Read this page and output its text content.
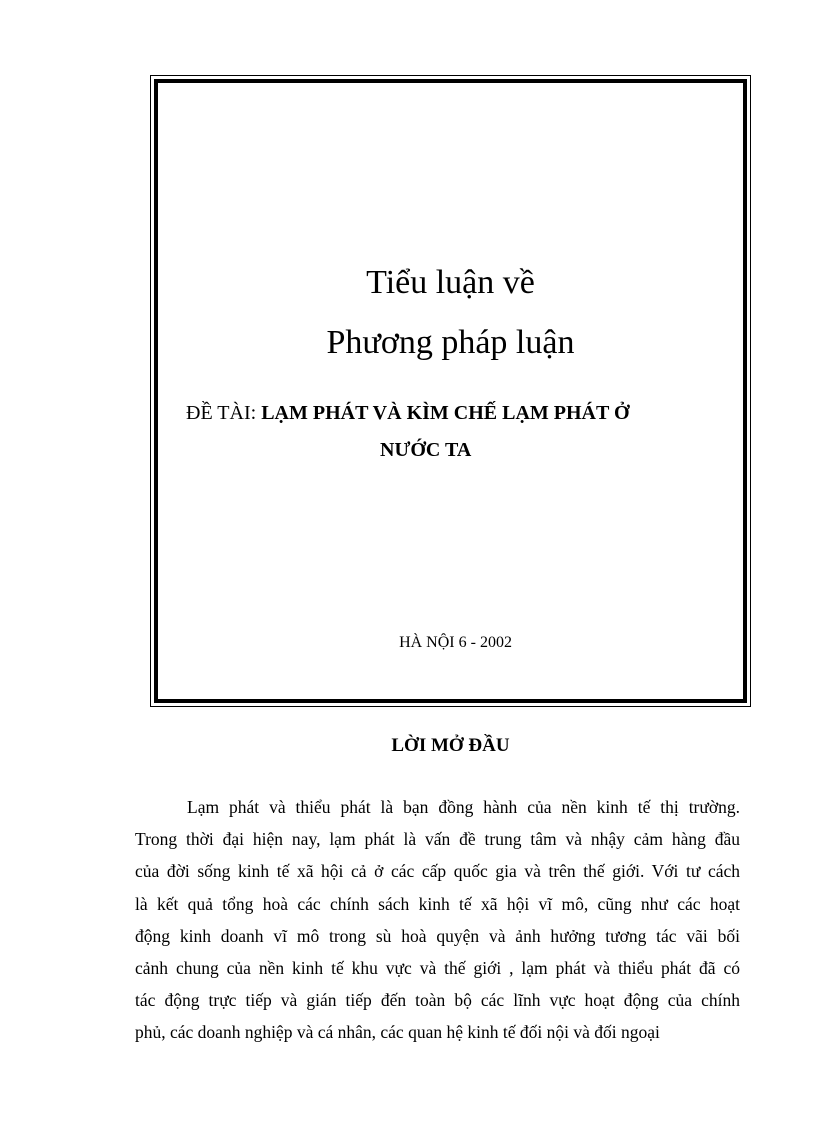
Tiểu luận về
Phương pháp luận
ĐỀ TÀI: LẠM PHÁT VÀ KÌM CHẾ LẠM PHÁT Ở
NƯỚC TA
HÀ NỘI 6 - 2002
LỜI MỞ ĐẦU
Lạm phát và thiểu phát là bạn đồng hành của nền kinh tế thị trường.
Trong thời đại hiện nay, lạm phát là vấn đề trung tâm và nhậy cảm hàng đầu
của đời sống kinh tế xã hội cả ở các cấp quốc gia và trên thế giới. Với tư cách
là kết quả tổng hoà các chính sách kinh tế xã hội vĩ mô, cũng như các hoạt
động kinh doanh vĩ mô trong sù hoà quyện và ảnh hưởng tương tác vãi bối
cảnh chung của nền kinh tế khu vực và thế giới , lạm phát và thiểu phát đã có
tác động trực tiếp và gián tiếp đến toàn bộ các lĩnh vực hoạt động của chính
phủ, các doanh nghiệp và cá nhân, các quan hệ kinh tế đối nội và đối ngoại
